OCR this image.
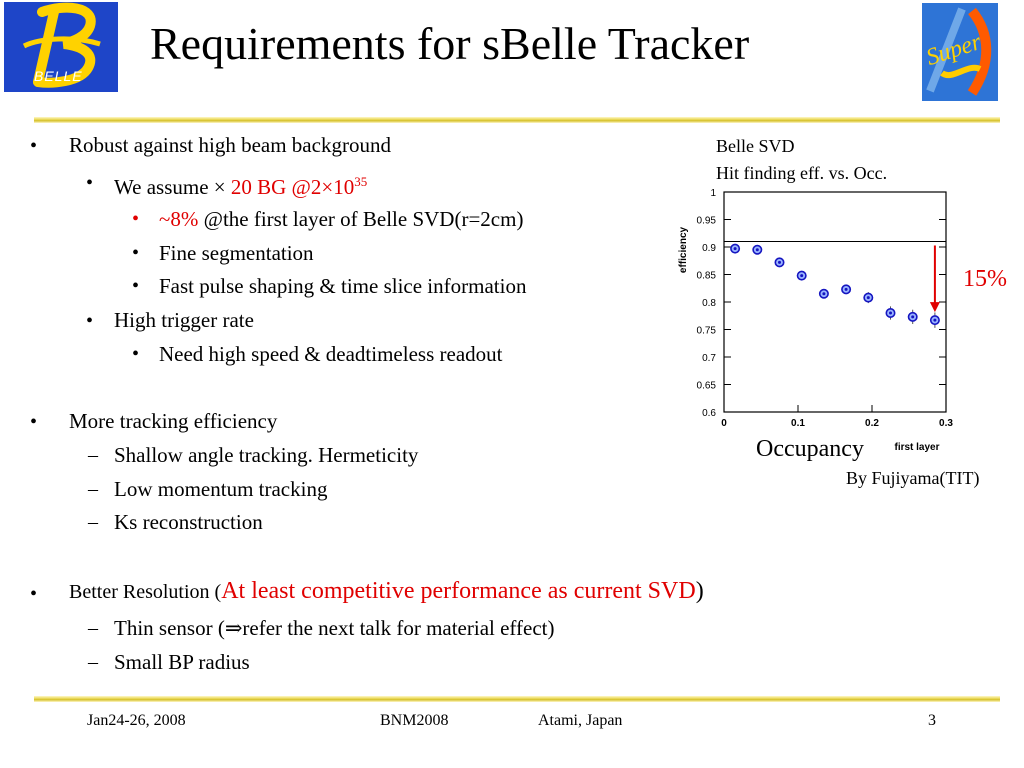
BELLE
Super
Requirements for sBelle Tracker
• Robust against high beam background
• We assume × 20 BG $@2\times 10^{35}$
• ~8% @the first layer of Belle SVD(r=2cm)
• Fine segmentation
• Fast pulse shaping & time slice information
• High trigger rate
• Need high speed & deadtimeless readout
• More tracking efficiency
– Shallow angle tracking. Hermeticity
– Low momentum tracking
– Ks reconstruction
• Better Resolution (At least competitive performance as current SVD)
– Thin sensor (⇒refer the next talk for material effect)
– Small BP radius
Belle SVD
Hit finding eff. vs. Occ.
15%
Occupancy
By Fujiyama(TIT)
0.6
0.65
0.7
0.75
0.8
0.85
0.9
0.95
1
0	0.1	0.2	0.3
efficiency
first layer
Jan24-26, 2008	BNM2008	Atami, Japan	3
